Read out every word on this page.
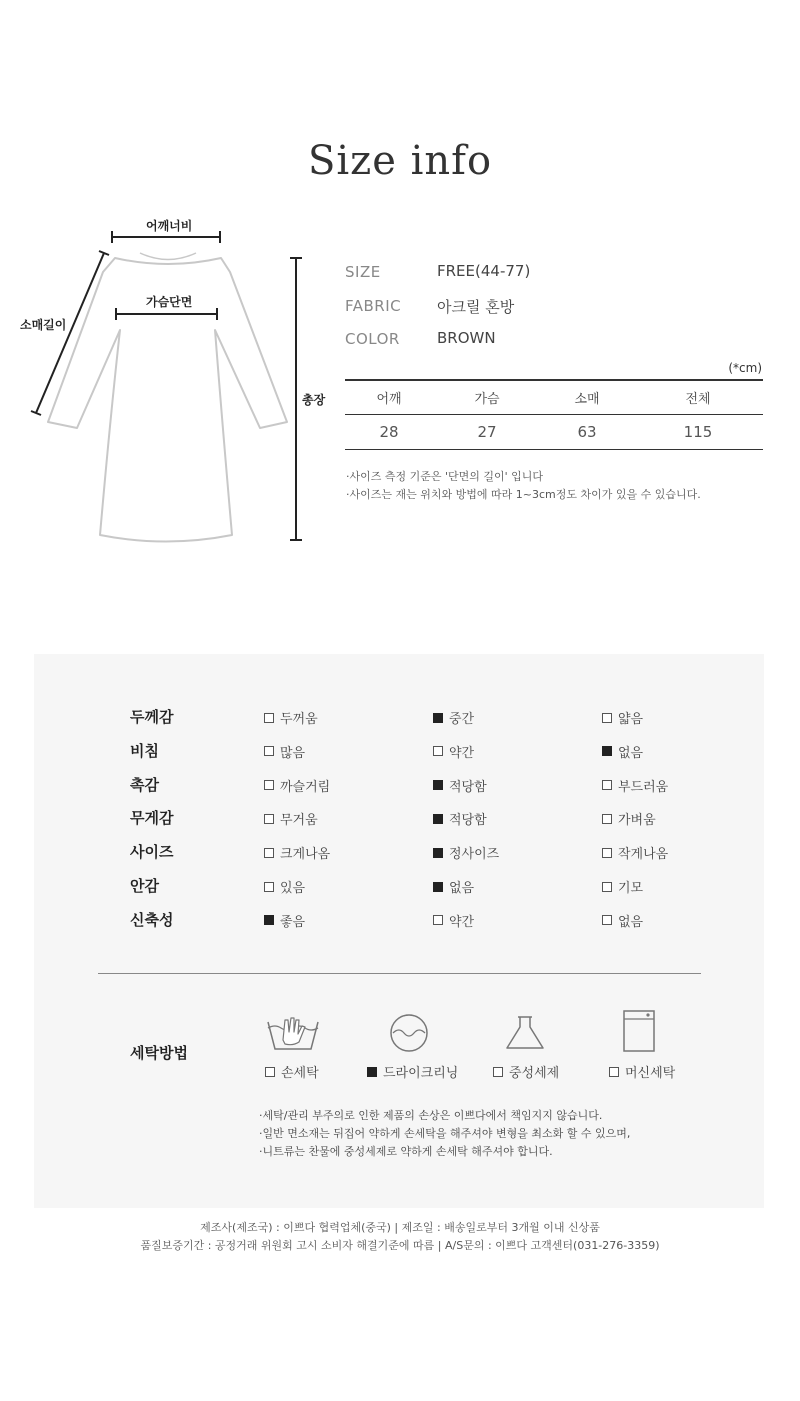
Size info
어깨너비
가슴단면
소매길이
총장
SIZE	FREE(44-77)
FABRIC	아크릴 혼방
COLOR	BROWN
(*cm)
어깨	가슴	소매	전체
28	27	63	115
·사이즈 측정 기준은 '단면의 길이' 입니다
·사이즈는 재는 위치와 방법에 따라 1~3cm정도 차이가 있을 수 있습니다.
두께감	두꺼움	중간	얇음
비침	많음	약간	없음
촉감	까슬거림	적당함	부드러움
무게감	무거움	적당함	가벼움
사이즈	크게나옴	정사이즈	작게나옴
안감	있음	없음	기모
신축성	좋음	약간	없음
세탁방법
손세탁	드라이크리닝	중성세제	머신세탁
·세탁/관리 부주의로 인한 제품의 손상은 이쁘다에서 책임지지 않습니다.
·일반 면소재는 뒤집어 약하게 손세탁을 해주셔야 변형을 최소화 할 수 있으며,
·니트류는 찬물에 중성세제로 약하게 손세탁 해주셔야 합니다.
제조사(제조국) : 이쁘다 협력업체(중국) | 제조일 : 배송일로부터 3개월 이내 신상품
품질보증기간 : 공정거래 위원회 고시 소비자 해결기준에 따름 | A/S문의 : 이쁘다 고객센터(031-276-3359)
